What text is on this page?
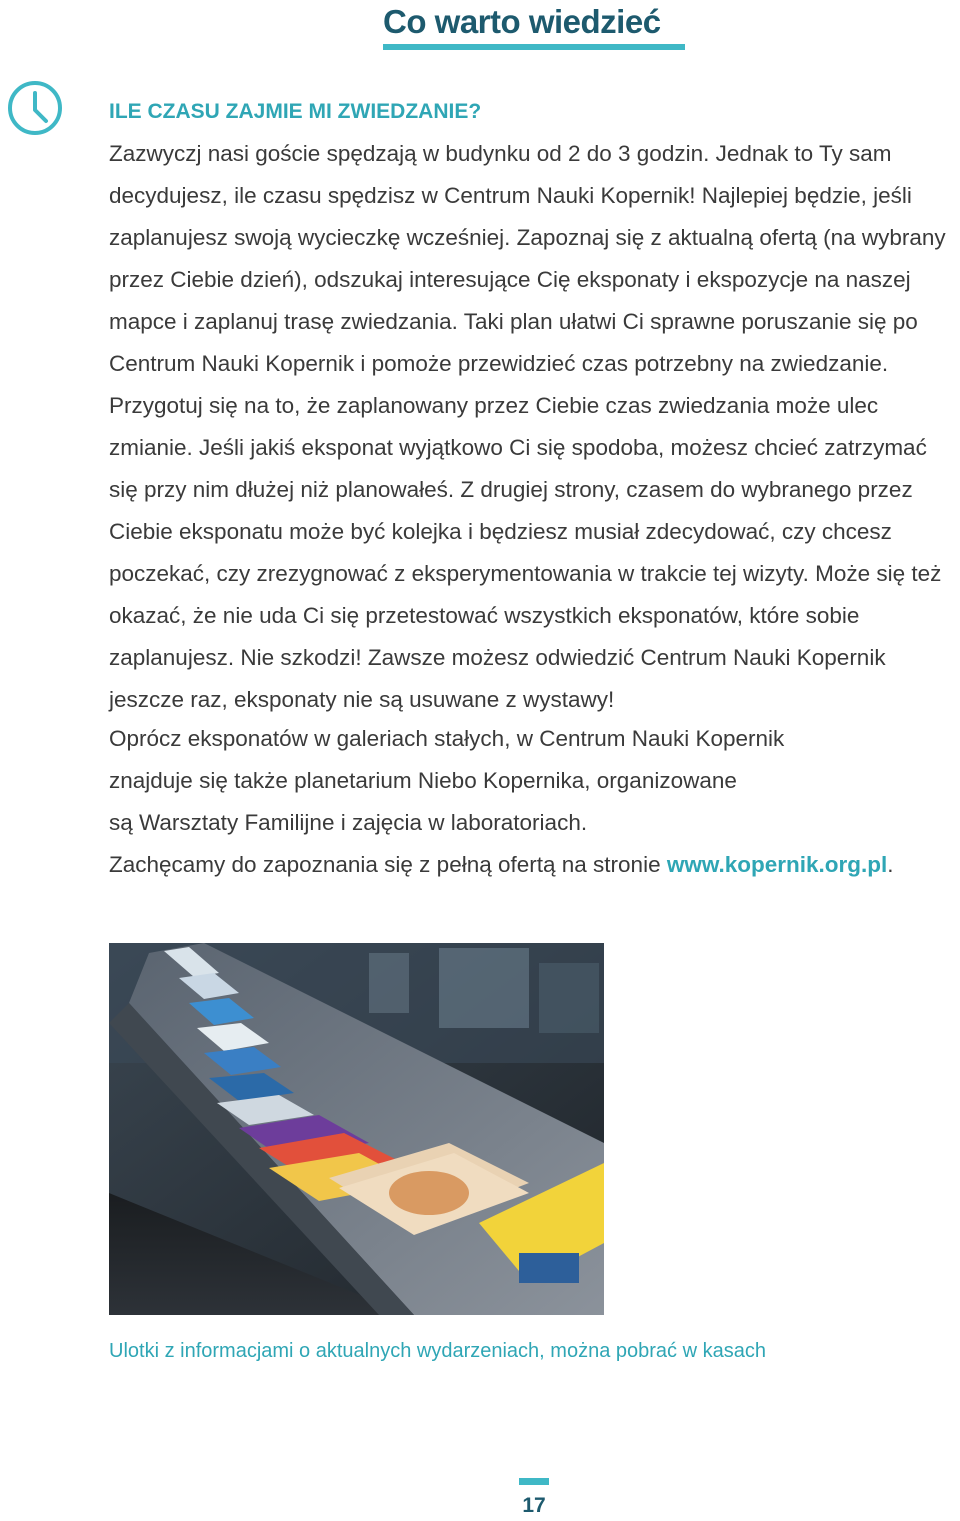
Co warto wiedzieć
ILE CZASU ZAJMIE MI ZWIEDZANIE?

Zazwyczj nasi goście spędzają w budynku od 2 do 3 godzin. Jednak to Ty sam decydujesz, ile czasu spędzisz w Centrum Nauki Kopernik! Najlepiej będzie, jeśli zaplanujesz swoją wycieczkę wcześniej. Zapoznaj się z aktualną ofertą (na wybrany przez Ciebie dzień), odszukaj interesujące Cię eksponaty i ekspozycje na naszej mapce i zaplanuj trasę zwiedzania. Taki plan ułatwi Ci sprawne poruszanie się po Centrum Nauki Kopernik i pomoże przewidzieć czas potrzebny na zwiedzanie. Przygotuj się na to, że zaplanowany przez Ciebie czas zwiedzania może ulec zmianie. Jeśli jakiś eksponat wyjątkowo Ci się spodoba, możesz chcieć zatrzymać się przy nim dłużej niż planowałeś. Z drugiej strony, czasem do wybranego przez Ciebie eksponatu może być kolejka i będziesz musiał zdecydować, czy chcesz poczekać, czy zrezygnować z eksperymentowania w trakcie tej wizyty. Może się też okazać, że nie uda Ci się przetestować wszystkich eksponatów, które sobie zaplanujesz. Nie szkodzi! Zawsze możesz odwiedzić Centrum Nauki Kopernik jeszcze raz, eksponaty nie są usuwane z wystawy!

Oprócz eksponatów w galeriach stałych, w Centrum Nauki Kopernik
znajduje się także planetarium Niebo Kopernika, organizowane
są Warsztaty Familijne i zajęcia w laboratoriach.
Zachęcamy do zapoznania się z pełną ofertą na stronie www.kopernik.org.pl.

Ulotki z informacjami o aktualnych wydarzeniach, można pobrać w kasach
17
